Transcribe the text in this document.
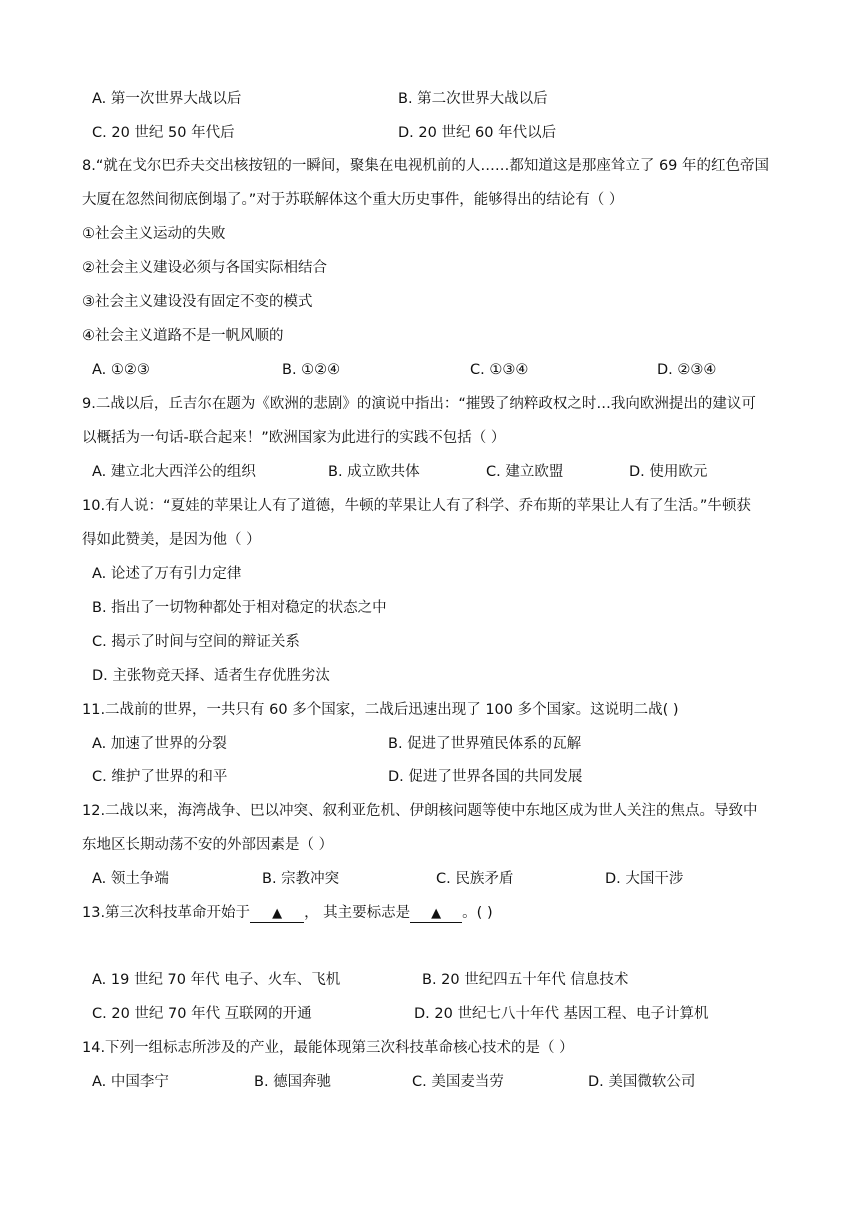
A. 第一次世界大战以后	B. 第二次世界大战以后
C. 20 世纪 50 年代后	D. 20 世纪 60 年代以后
8.“就在戈尔巴乔夫交出核按钮的一瞬间，聚集在电视机前的人……都知道这是那座耸立了 69 年的红色帝国
大厦在忽然间彻底倒塌了。”对于苏联解体这个重大历史事件，能够得出的结论有（ ）
①社会主义运动的失败
②社会主义建设必须与各国实际相结合
③社会主义建设没有固定不变的模式
④社会主义道路不是一帆风顺的
A. ①②③	B. ①②④	C. ①③④	D. ②③④
9.二战以后，丘吉尔在题为《欧洲的悲剧》的演说中指出：“摧毁了纳粹政权之时…我向欧洲提出的建议可
以概括为一句话-联合起来！”欧洲国家为此进行的实践不包括（ ）
A. 建立北大西洋公的组织	B. 成立欧共体	C. 建立欧盟	D. 使用欧元
10.有人说：“夏娃的苹果让人有了道德，牛顿的苹果让人有了科学、乔布斯的苹果让人有了生活。”牛顿获
得如此赞美，是因为他（ ）
A. 论述了万有引力定律
B. 指出了一切物种都处于相对稳定的状态之中
C. 揭示了时间与空间的辩证关系
D. 主张物竞天择、适者生存优胜劣汰
11.二战前的世界，一共只有 60 多个国家，二战后迅速出现了 100 多个国家。这说明二战( )
A. 加速了世界的分裂	B. 促进了世界殖民体系的瓦解
C. 维护了世界的和平	D. 促进了世界各国的共同发展
12.二战以来，海湾战争、巴以冲突、叙利亚危机、伊朗核问题等使中东地区成为世人关注的焦点。导致中
东地区长期动荡不安的外部因素是（ ）
A. 领土争端	B. 宗教冲突	C. 民族矛盾	D. 大国干涉
13.第三次科技革命开始于 ▲ ， 其主要标志是 ▲ 。( )
A. 19 世纪 70 年代 电子、火车、飞机	B. 20 世纪四五十年代 信息技术
C. 20 世纪 70 年代 互联网的开通	D. 20 世纪七八十年代 基因工程、电子计算机
14.下列一组标志所涉及的产业，最能体现第三次科技革命核心技术的是（ ）
A. 中国李宁	B. 德国奔驰	C. 美国麦当劳	D. 美国微软公司
